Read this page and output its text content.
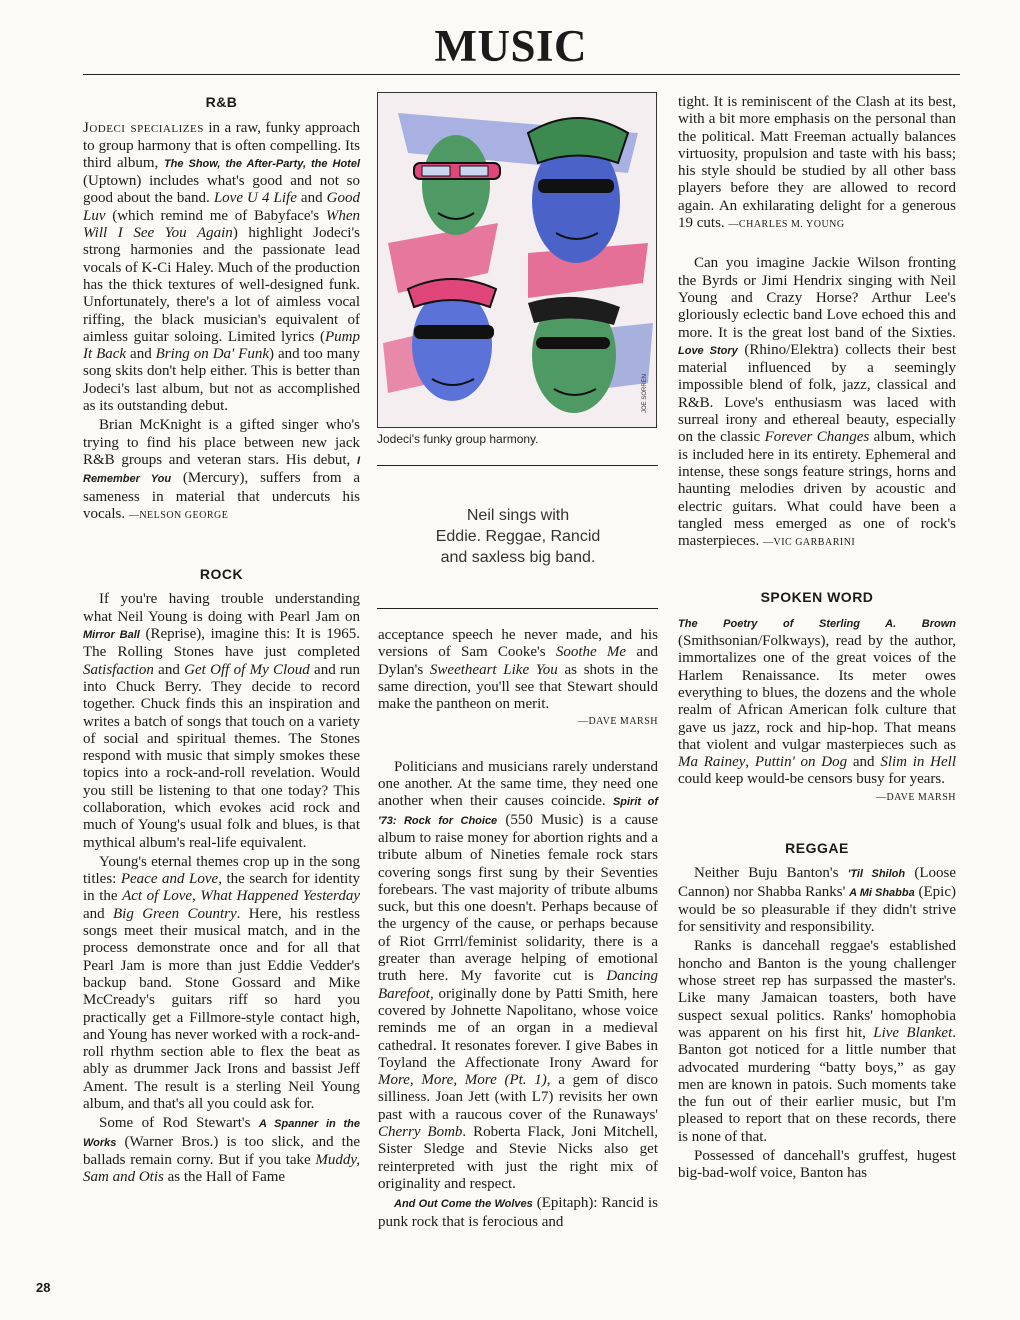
MUSIC
R&B

Jodeci specializes in a raw, funky approach to group harmony that is often compelling. Its third album, The Show, the After-Party, the Hotel (Uptown) includes what's good and not so good about the band. Love U 4 Life and Good Luv (which remind me of Babyface's When Will I See You Again) highlight Jodeci's strong harmonies and the passionate lead vocals of K-Ci Haley. Much of the production has the thick textures of well-designed funk. Unfortunately, there's a lot of aimless vocal riffing, the black musician's equivalent of aimless guitar soloing. Limited lyrics (Pump It Back and Bring on Da' Funk) and too many song skits don't help either. This is better than Jodeci's last album, but not as accomplished as its outstanding debut.

Brian McKnight is a gifted singer who's trying to find his place between new jack R&B groups and veteran stars. His debut, I Remember You (Mercury), suffers from a sameness in material that undercuts his vocals. —NELSON GEORGE

ROCK

If you're having trouble understanding what Neil Young is doing with Pearl Jam on Mirror Ball (Reprise), imagine this: It is 1965. The Rolling Stones have just completed Satisfaction and Get Off of My Cloud and run into Chuck Berry. They decide to record together. Chuck finds this an inspiration and writes a batch of songs that touch on a variety of social and spiritual themes. The Stones respond with music that simply smokes these topics into a rock-and-roll revelation. Would you still be listening to that one today? This collaboration, which evokes acid rock and much of Young's usual folk and blues, is that mythical album's real-life equivalent.

Young's eternal themes crop up in the song titles: Peace and Love, the search for identity in the Act of Love, What Happened Yesterday and Big Green Country. Here, his restless songs meet their musical match, and in the process demonstrate once and for all that Pearl Jam is more than just Eddie Vedder's backup band. Stone Gossard and Mike McCready's guitars riff so hard you practically get a Fillmore-style contact high, and Young has never worked with a rock-and-roll rhythm section able to flex the beat as ably as drummer Jack Irons and bassist Jeff Ament. The result is a sterling Neil Young album, and that's all you could ask for.

Some of Rod Stewart's A Spanner in the Works (Warner Bros.) is too slick, and the ballads remain corny. But if you take Muddy, Sam and Otis as the Hall of Fame

28
JOE SORREN
Jodeci's funky group harmony.
Neil sings with
Eddie. Reggae, Rancid
and saxless big band.

acceptance speech he never made, and his versions of Sam Cooke's Soothe Me and Dylan's Sweetheart Like You as shots in the same direction, you'll see that Stewart should make the pantheon on merit.

—DAVE MARSH

Politicians and musicians rarely understand one another. At the same time, they need one another when their causes coincide. Spirit of '73: Rock for Choice (550 Music) is a cause album to raise money for abortion rights and a tribute album of Nineties female rock stars covering songs first sung by their Seventies forebears. The vast majority of tribute albums suck, but this one doesn't. Perhaps because of the urgency of the cause, or perhaps because of Riot Grrrl/feminist solidarity, there is a greater than average helping of emotional truth here. My favorite cut is Dancing Barefoot, originally done by Patti Smith, here covered by Johnette Napolitano, whose voice reminds me of an organ in a medieval cathedral. It resonates forever. I give Babes in Toyland the Affectionate Irony Award for More, More, More (Pt. 1), a gem of disco silliness. Joan Jett (with L7) revisits her own past with a raucous cover of the Runaways' Cherry Bomb. Roberta Flack, Joni Mitchell, Sister Sledge and Stevie Nicks also get reinterpreted with just the right mix of originality and respect.

And Out Come the Wolves (Epitaph): Rancid is punk rock that is ferocious and

tight. It is reminiscent of the Clash at its best, with a bit more emphasis on the personal than the political. Matt Freeman actually balances virtuosity, propulsion and taste with his bass; his style should be studied by all other bass players before they are allowed to record again. An exhilarating delight for a generous 19 cuts. —CHARLES M. YOUNG

Can you imagine Jackie Wilson fronting the Byrds or Jimi Hendrix singing with Neil Young and Crazy Horse? Arthur Lee's gloriously eclectic band Love echoed this and more. It is the great lost band of the Sixties. Love Story (Rhino/Elektra) collects their best material influenced by a seemingly impossible blend of folk, jazz, classical and R&B. Love's enthusiasm was laced with surreal irony and ethereal beauty, especially on the classic Forever Changes album, which is included here in its entirety. Ephemeral and intense, these songs feature strings, horns and haunting melodies driven by acoustic and electric guitars. What could have been a tangled mess emerged as one of rock's masterpieces. —VIC GARBARINI

SPOKEN WORD

The Poetry of Sterling A. Brown (Smithsonian/Folkways), read by the author, immortalizes one of the great voices of the Harlem Renaissance. Its meter owes everything to blues, the dozens and the whole realm of African American folk culture that gave us jazz, rock and hip-hop. That means that violent and vulgar masterpieces such as Ma Rainey, Puttin' on Dog and Slim in Hell could keep would-be censors busy for years.

—DAVE MARSH
REGGAE

Neither Buju Banton's 'Til Shiloh (Loose Cannon) nor Shabba Ranks' A Mi Shabba (Epic) would be so pleasurable if they didn't strive for sensitivity and responsibility.

Ranks is dancehall reggae's established honcho and Banton is the young challenger whose street rep has surpassed the master's. Like many Jamaican toasters, both have suspect sexual politics. Ranks' homophobia was apparent on his first hit, Live Blanket. Banton got noticed for a little number that advocated murdering “batty boys,” as gay men are known in patois. Such moments take the fun out of their earlier music, but I'm pleased to report that on these records, there is none of that.

Possessed of dancehall's gruffest, hugest big-bad-wolf voice, Banton has
